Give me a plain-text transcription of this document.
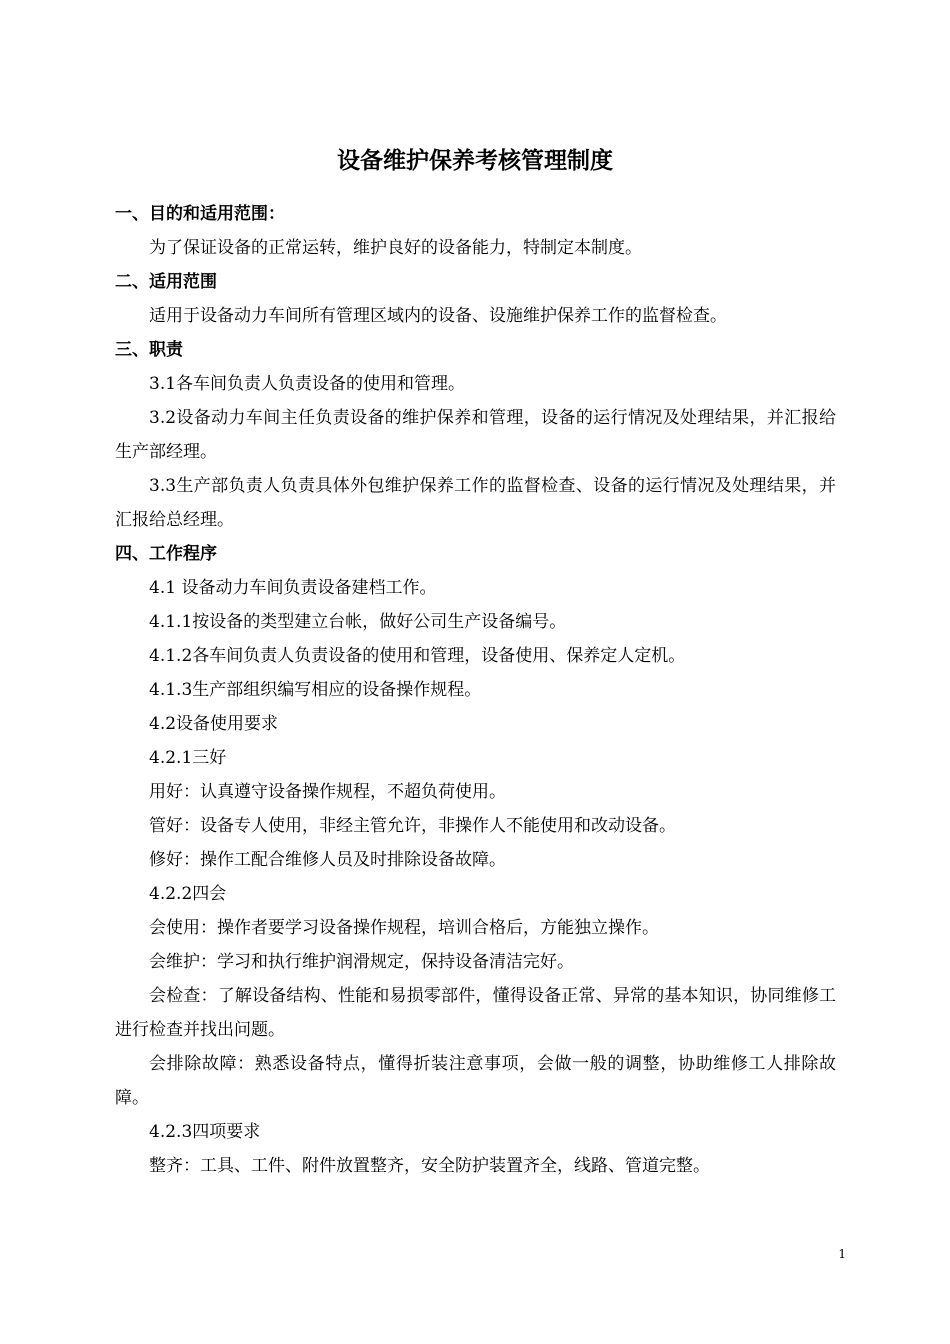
设备维护保养考核管理制度

一、目的和适用范围：

为了保证设备的正常运转，维护良好的设备能力，特制定本制度。

二、适用范围

适用于设备动力车间所有管理区域内的设备、设施维护保养工作的监督检查。

三、职责

3.1各车间负责人负责设备的使用和管理。

3.2设备动力车间主任负责设备的维护保养和管理，设备的运行情况及处理结果，并汇报给生产部经理。

3.3生产部负责人负责具体外包维护保养工作的监督检查、设备的运行情况及处理结果，并汇报给总经理。

四、工作程序

4.1 设备动力车间负责设备建档工作。

4.1.1按设备的类型建立台帐，做好公司生产设备编号。

4.1.2各车间负责人负责设备的使用和管理，设备使用、保养定人定机。

4.1.3生产部组织编写相应的设备操作规程。

4.2设备使用要求

4.2.1三好

用好：认真遵守设备操作规程，不超负荷使用。

管好：设备专人使用，非经主管允许，非操作人不能使用和改动设备。

修好：操作工配合维修人员及时排除设备故障。

4.2.2四会

会使用：操作者要学习设备操作规程，培训合格后，方能独立操作。

会维护：学习和执行维护润滑规定，保持设备清洁完好。

会检查：了解设备结构、性能和易损零部件，懂得设备正常、异常的基本知识，协同维修工进行检查并找出问题。

会排除故障：熟悉设备特点，懂得折装注意事项，会做一般的调整，协助维修工人排除故障。

4.2.3四项要求

整齐：工具、工件、附件放置整齐，安全防护装置齐全，线路、管道完整。

1
